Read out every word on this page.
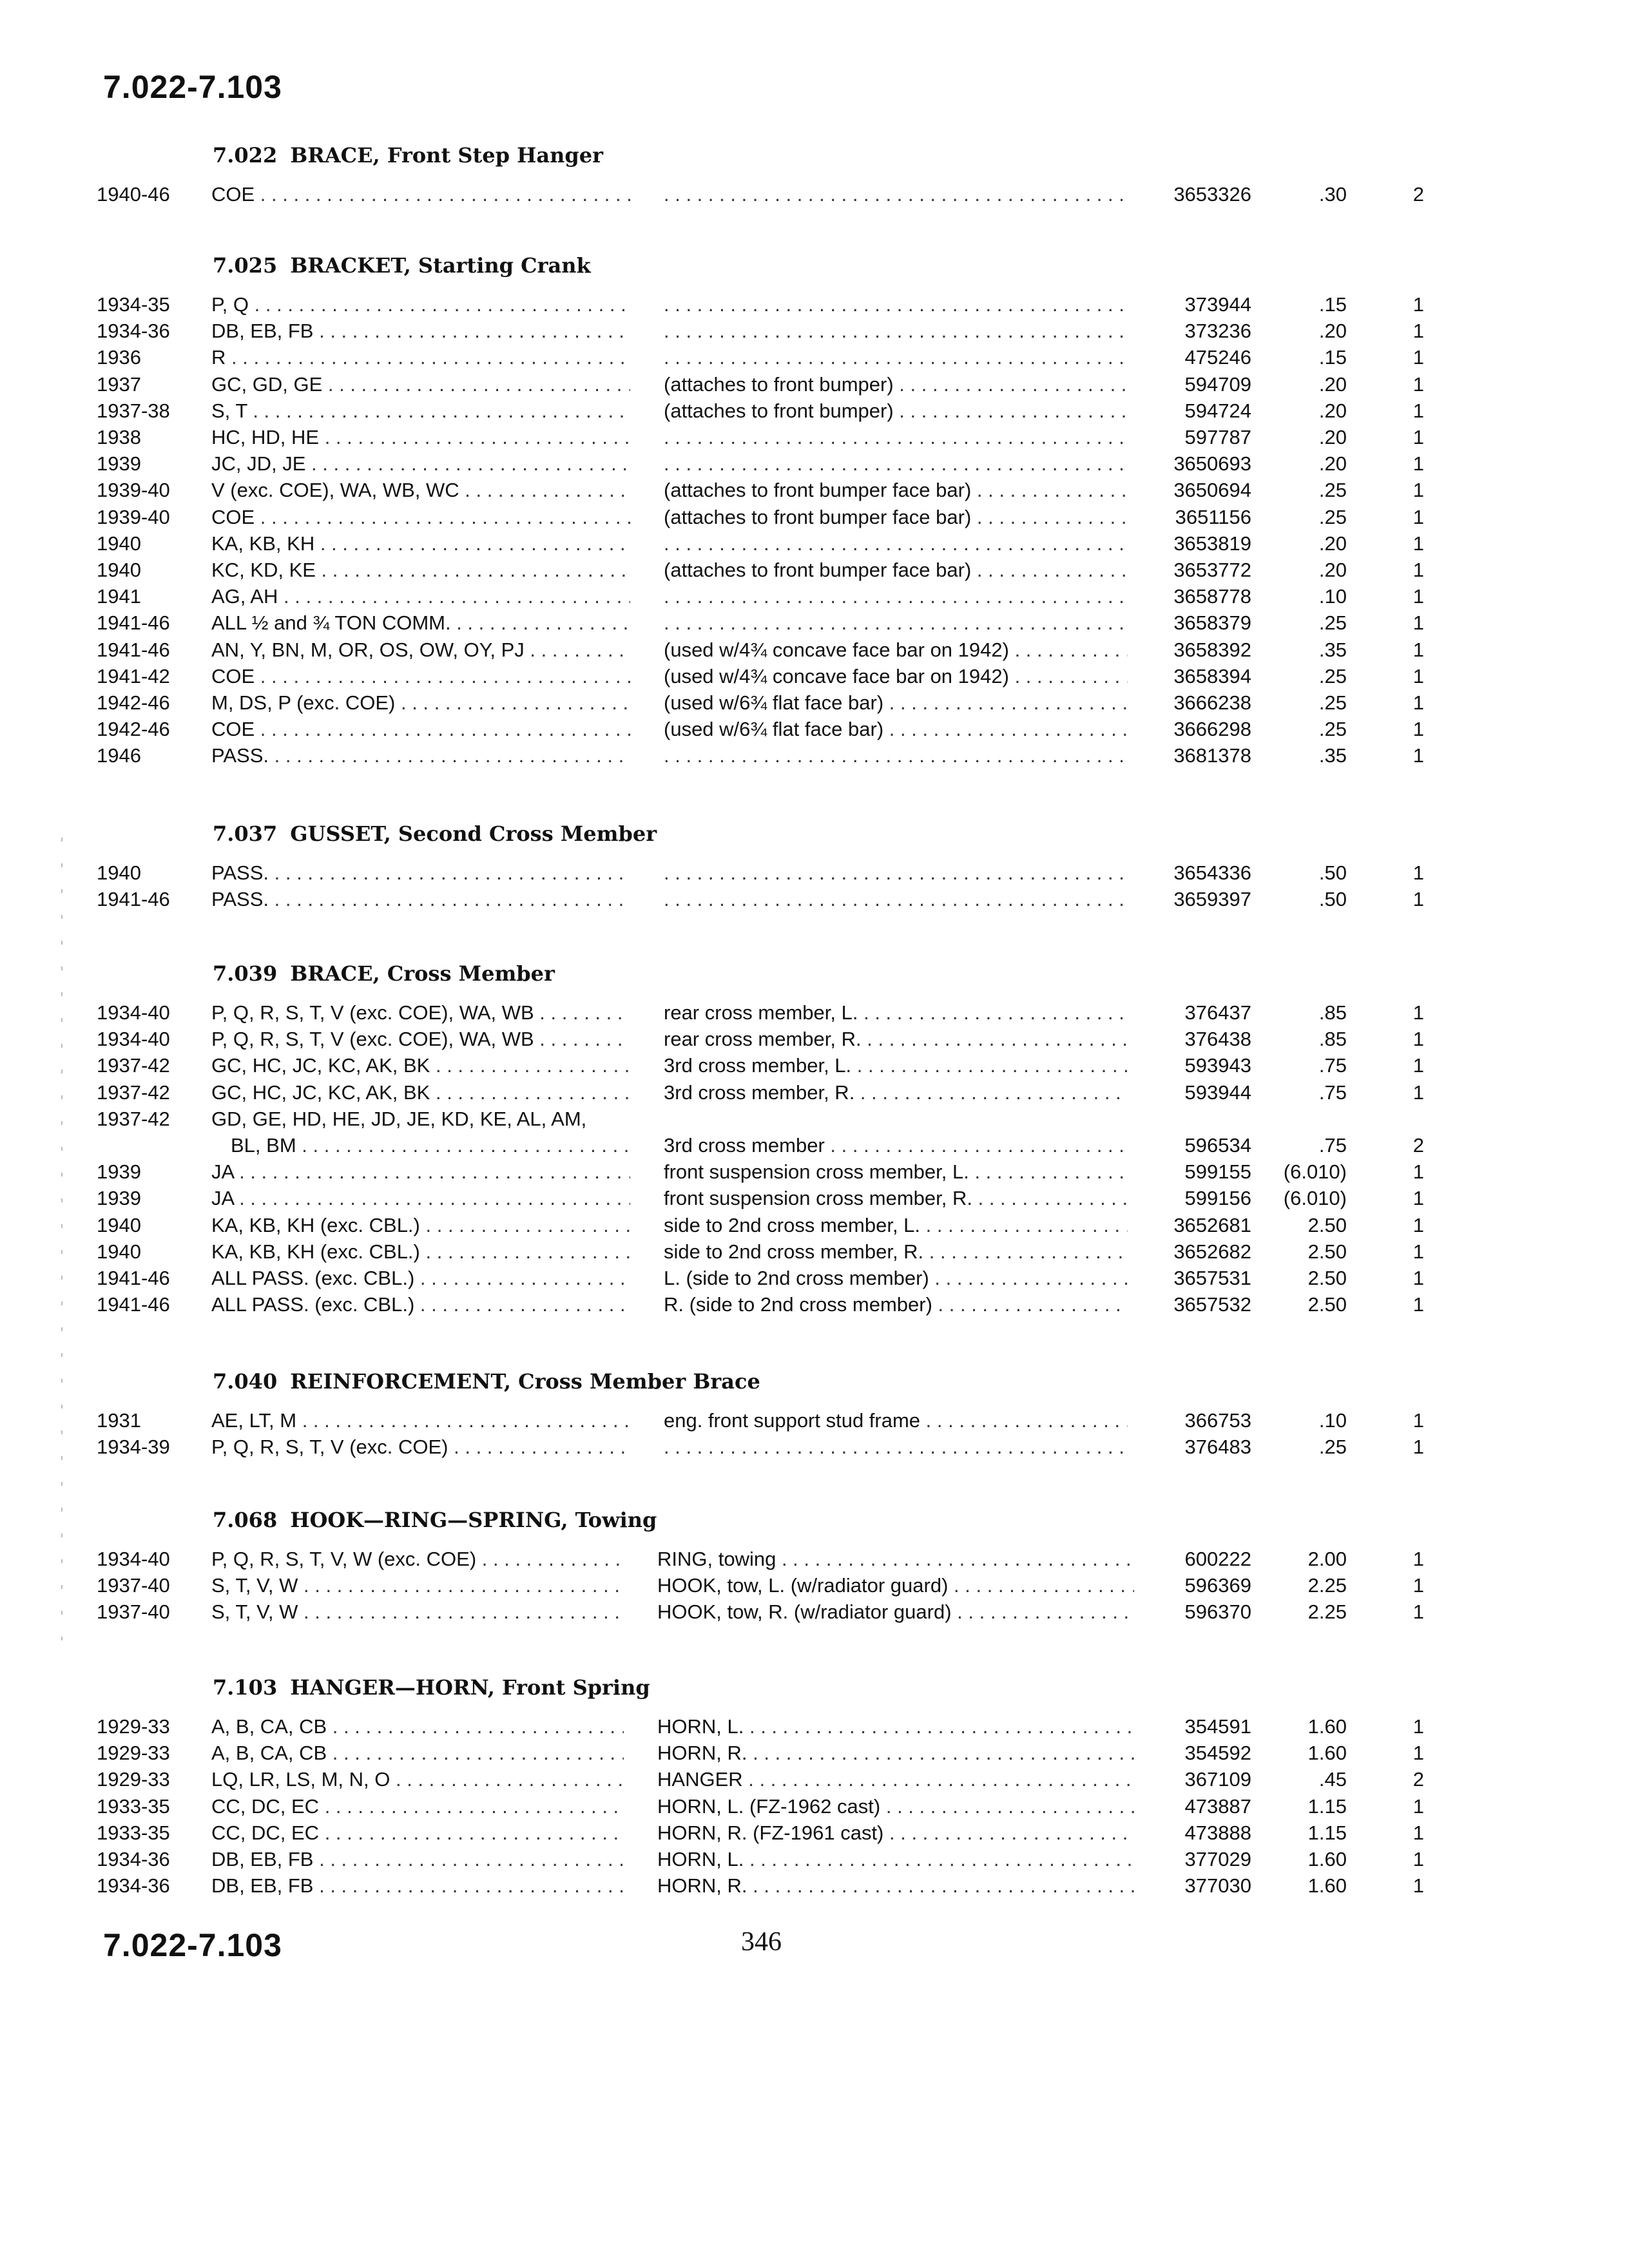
7.022-7.103
7.022 BRACE, Front Step Hanger
1940-46 COE . . . . . .	3653326	.30	2
7.025 BRACKET, Starting Crank
1934-35 P, Q . . . . . .	373944	.15	1
1934-36 DB, EB, FB . . . . . .	373236	.20	1
1936	R . . . . . .	475246	.15	1
1937	GC, GD, GE . . .	(attaches to front bumper) . . .	594709	.20	1
1937-38 S, T . . .	(attaches to front bumper) . . .	594724	.20	1
1938	HC, HD, HE . . . . . .	597787	.20	1
1939	JC, JD, JE . . . . . .	3650693	.20	1
1939-40 V (exc. COE), WA, WB, WC . . .	(attaches to front bumper face bar) . . .	3650694	.25	1
1939-40 COE . . .	(attaches to front bumper face bar) . . .	3651156	.25	1
1940	KA, KB, KH . . . . . .	3653819	.20	1
1940	KC, KD, KE . . .	(attaches to front bumper face bar) . . .	3653772	.20	1
1941	AG, AH . . . . . .	3658778	.10	1
1941-46 ALL ½ and ¾ TON COMM. . . . . . .	3658379	.25	1
1941-46 AN, Y, BN, M, OR, OS, OW, OY, PJ . . .	(used w/4¾ concave face bar on 1942) . . .	3658392	.35	1
1941-42 COE . . .	(used w/4¾ concave face bar on 1942) . . .	3658394	.25	1
1942-46 M, DS, P (exc. COE) . . .	(used w/6¾ flat face bar) . . .	3666238	.25	1
1942-46 COE . . .	(used w/6¾ flat face bar) . . .	3666298	.25	1
1946	PASS. . . . . . .	3681378	.35	1
7.037 GUSSET, Second Cross Member
1940	PASS. . . . . . .	3654336	.50	1
1941-46 PASS. . . . . . .	3659397	.50	1
7.039 BRACE, Cross Member
1934-40 P, Q, R, S, T, V (exc. COE), WA, WB . . .	rear cross member, L. . . .	376437	.85	1
1934-40 P, Q, R, S, T, V (exc. COE), WA, WB . . .	rear cross member, R. . . .	376438	.85	1
1937-42 GC, HC, JC, KC, AK, BK . . .	3rd cross member, L. . . .	593943	.75	1
1937-42 GC, HC, JC, KC, AK, BK . . .	3rd cross member, R. . . .	593944	.75	1
1937-42 GD, GE, HD, HE, JD, JE, KD, KE, AL, AM,
BL, BM . . .	3rd cross member . . .	596534	.75	2
1939	JA . . .	front suspension cross member, L. . . .	599155	(6.010)	1
1939	JA . . .	front suspension cross member, R. . . .	599156	(6.010)	1
1940	KA, KB, KH (exc. CBL.) . . .	side to 2nd cross member, L. . . .	3652681	2.50	1
1940	KA, KB, KH (exc. CBL.) . . .	side to 2nd cross member, R. . . .	3652682	2.50	1
1941-46 ALL PASS. (exc. CBL.) . . .	L. (side to 2nd cross member) . . .	3657531	2.50	1
1941-46 ALL PASS. (exc. CBL.) . . .	R. (side to 2nd cross member) . . .	3657532	2.50	1
7.040 REINFORCEMENT, Cross Member Brace
1931	AE, LT, M . . .	eng. front support stud frame . . .	366753	.10	1
1934-39 P, Q, R, S, T, V (exc. COE) . . . . . .	376483	.25	1
7.068 HOOK—RING—SPRING, Towing
1934-40 P, Q, R, S, T, V, W (exc. COE) . . .	RING, towing . . .	600222	2.00	1
1937-40 S, T, V, W . . .	HOOK, tow, L. (w/radiator guard) . . .	596369	2.25	1
1937-40 S, T, V, W . . .	HOOK, tow, R. (w/radiator guard) . . .	596370	2.25	1
7.103 HANGER—HORN, Front Spring
1929-33 A, B, CA, CB . . .	HORN, L. . . .	354591	1.60	1
1929-33 A, B, CA, CB . . .	HORN, R. . . .	354592	1.60	1
1929-33 LQ, LR, LS, M, N, O . . .	HANGER . . .	367109	.45	2
1933-35 CC, DC, EC . . .	HORN, L. (FZ-1962 cast) . . .	473887	1.15	1
1933-35 CC, DC, EC . . .	HORN, R. (FZ-1961 cast) . . .	473888	1.15	1
1934-36 DB, EB, FB . . .	HORN, L. . . .	377029	1.60	1
1934-36 DB, EB, FB . . .	HORN, R. . . .	377030	1.60	1
7.022-7.103	346
